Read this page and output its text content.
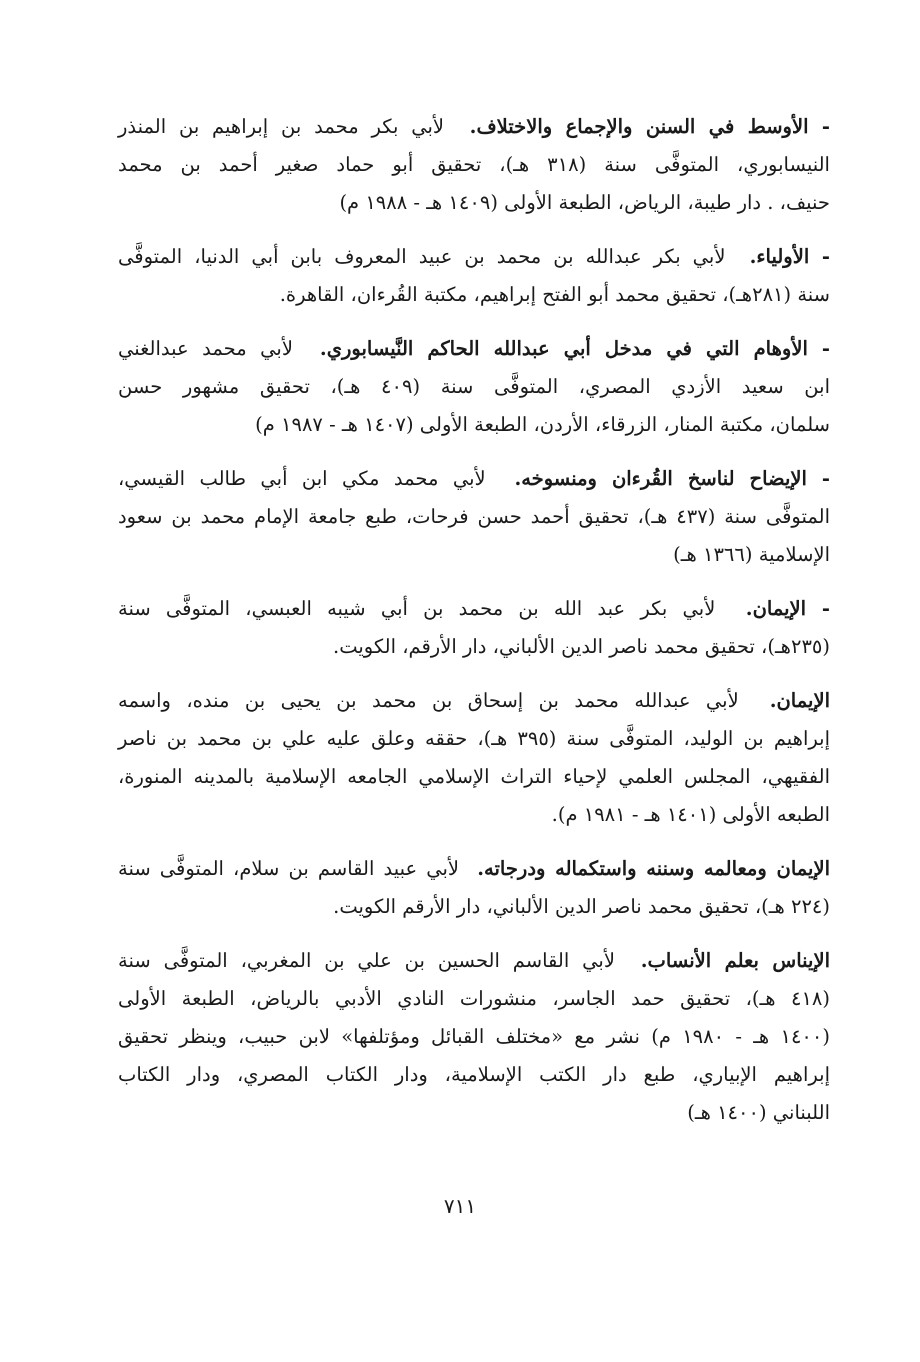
- الأوسط في السنن والإجماع والاختلاف.  لأبي بكر محمد بن إبراهيم بن المنذر
النيسابوري، المتوفَّى سنة (٣١٨ هـ)، تحقيق أبو حماد صغير أحمد بن محمد
حنيف، . دار طيبة، الرياض، الطبعة الأولى (١٤٠٩ هـ - ١٩٨٨ م)
- الأولياء.  لأبي بكر عبدالله بن محمد بن عبيد المعروف بابن أبي الدنيا، المتوفَّى
سنة (٢٨١هـ)، تحقيق محمد أبو الفتح إبراهيم، مكتبة القُرءان، القاهرة.
- الأوهام التي في مدخل أبي عبدالله الحاكم النَّيسابوري.  لأبي محمد عبدالغني
ابن سعيد الأزدي المصري، المتوفَّى سنة (٤٠٩ هـ)، تحقيق مشهور حسن
سلمان، مكتبة المنار، الزرقاء، الأردن، الطبعة الأولى (١٤٠٧ هـ - ١٩٨٧ م)
- الإيضاح لناسخ القُرءان ومنسوخه.  لأبي محمد مكي ابن أبي طالب القيسي،
المتوفَّى سنة (٤٣٧ هـ)، تحقيق أحمد حسن فرحات، طبع جامعة الإمام محمد بن سعود
الإسلامية (١٣٦٦ هـ)
- الإيمان.  لأبي بكر عبد الله بن محمد بن أبي شيبه العبسي، المتوفَّى سنة
(٢٣٥هـ)، تحقيق محمد ناصر الدين الألباني، دار الأرقم، الكويت.
الإيمان.  لأبي عبدالله محمد بن إسحاق بن محمد بن يحيى بن منده، واسمه
إبراهيم بن الوليد، المتوفَّى سنة (٣٩٥ هـ)، حققه وعلق عليه علي بن محمد بن ناصر
الفقيهي، المجلس العلمي لإحياء التراث الإسلامي الجامعه الإسلامية بالمدينه المنورة،
الطبعه الأولى (١٤٠١ هـ - ١٩٨١ م).
الإيمان ومعالمه وسننه واستكماله ودرجاته.  لأبي عبيد القاسم بن سلام، المتوفَّى سنة
(٢٢٤ هـ)، تحقيق محمد ناصر الدين الألباني، دار الأرقم الكويت.
الإيناس بعلم الأنساب.  لأبي القاسم الحسين بن علي بن المغربي، المتوفَّى سنة
(٤١٨ هـ)، تحقيق حمد الجاسر، منشورات النادي الأدبي بالرياض، الطبعة الأولى
(١٤٠٠ هـ - ١٩٨٠ م) نشر مع «مختلف القبائل ومؤتلفها» لابن حبيب، وينظر تحقيق
إبراهيم الإبياري، طبع دار الكتب الإسلامية، ودار الكتاب المصري، ودار الكتاب
اللبناني (١٤٠٠ هـ)
٧١١
